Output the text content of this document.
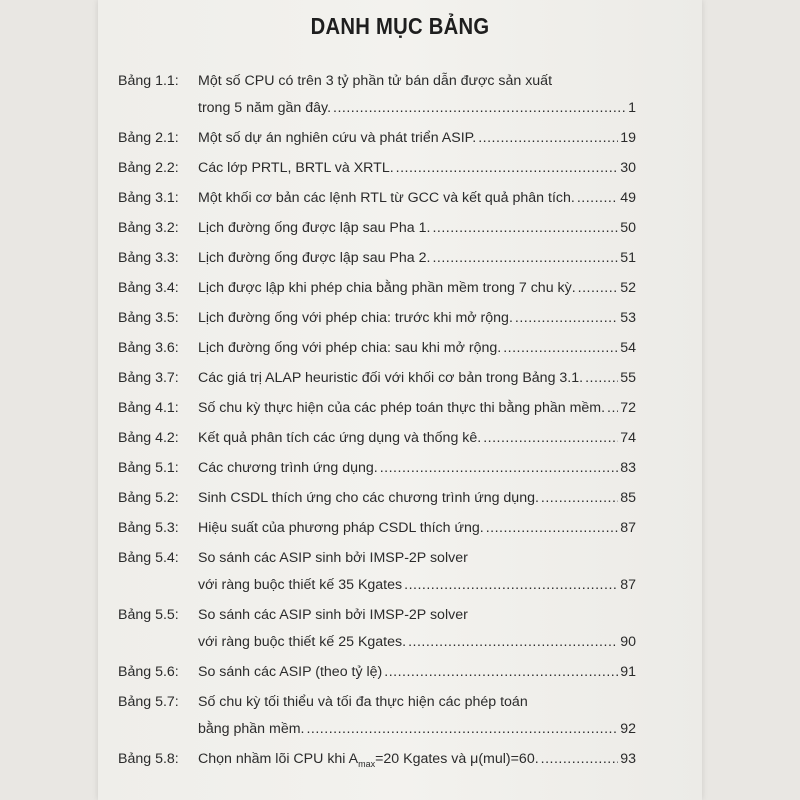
DANH MỤC BẢNG
Bảng 1.1:	Một số CPU có trên 3 tỷ phần tử bán dẫn được sản xuất
trong 5 năm gần đây. .....	1
Bảng 2.1:	Một số dự án nghiên cứu và phát triển ASIP. .....	19
Bảng 2.2:	Các lớp PRTL, BRTL và XRTL. .....	30
Bảng 3.1:	Một khối cơ bản các lệnh RTL từ GCC và kết quả phân tích. .....	49
Bảng 3.2:	Lịch đường ống được lập sau Pha 1. .....	50
Bảng 3.3:	Lịch đường ống được lập sau Pha 2. .....	51
Bảng 3.4:	Lịch được lập khi phép chia bằng phần mềm trong 7 chu kỳ. .....	52
Bảng 3.5:	Lịch đường ống với phép chia: trước khi mở rộng. .....	53
Bảng 3.6:	Lịch đường ống với phép chia: sau khi mở rộng. .....	54
Bảng 3.7:	Các giá trị ALAP heuristic đối với khối cơ bản trong Bảng 3.1. .....	55
Bảng 4.1:	Số chu kỳ thực hiện của các phép toán thực thi bằng phần mềm. ..... 72
Bảng 4.2:	Kết quả phân tích các ứng dụng và thống kê. .....	74
Bảng 5.1:	Các chương trình ứng dụng. .....	83
Bảng 5.2:	Sinh CSDL thích ứng cho các chương trình ứng dụng. .....	85
Bảng 5.3:	Hiệu suất của phương pháp CSDL thích ứng. .....	87
Bảng 5.4:	So sánh các ASIP sinh bởi IMSP-2P solver
với ràng buộc thiết kế 35 Kgates .....	87
Bảng 5.5:	So sánh các ASIP sinh bởi IMSP-2P solver
với ràng buộc thiết kế 25 Kgates. .....	90
Bảng 5.6:	So sánh các ASIP (theo tỷ lệ) .....	91
Bảng 5.7:	Số chu kỳ tối thiểu và tối đa thực hiện các phép toán
bằng phần mềm. .....	92
Bảng 5.8:	Chọn nhầm lõi CPU khi $A_{max}=20$ Kgates và μ(mul)=60. .....	93
